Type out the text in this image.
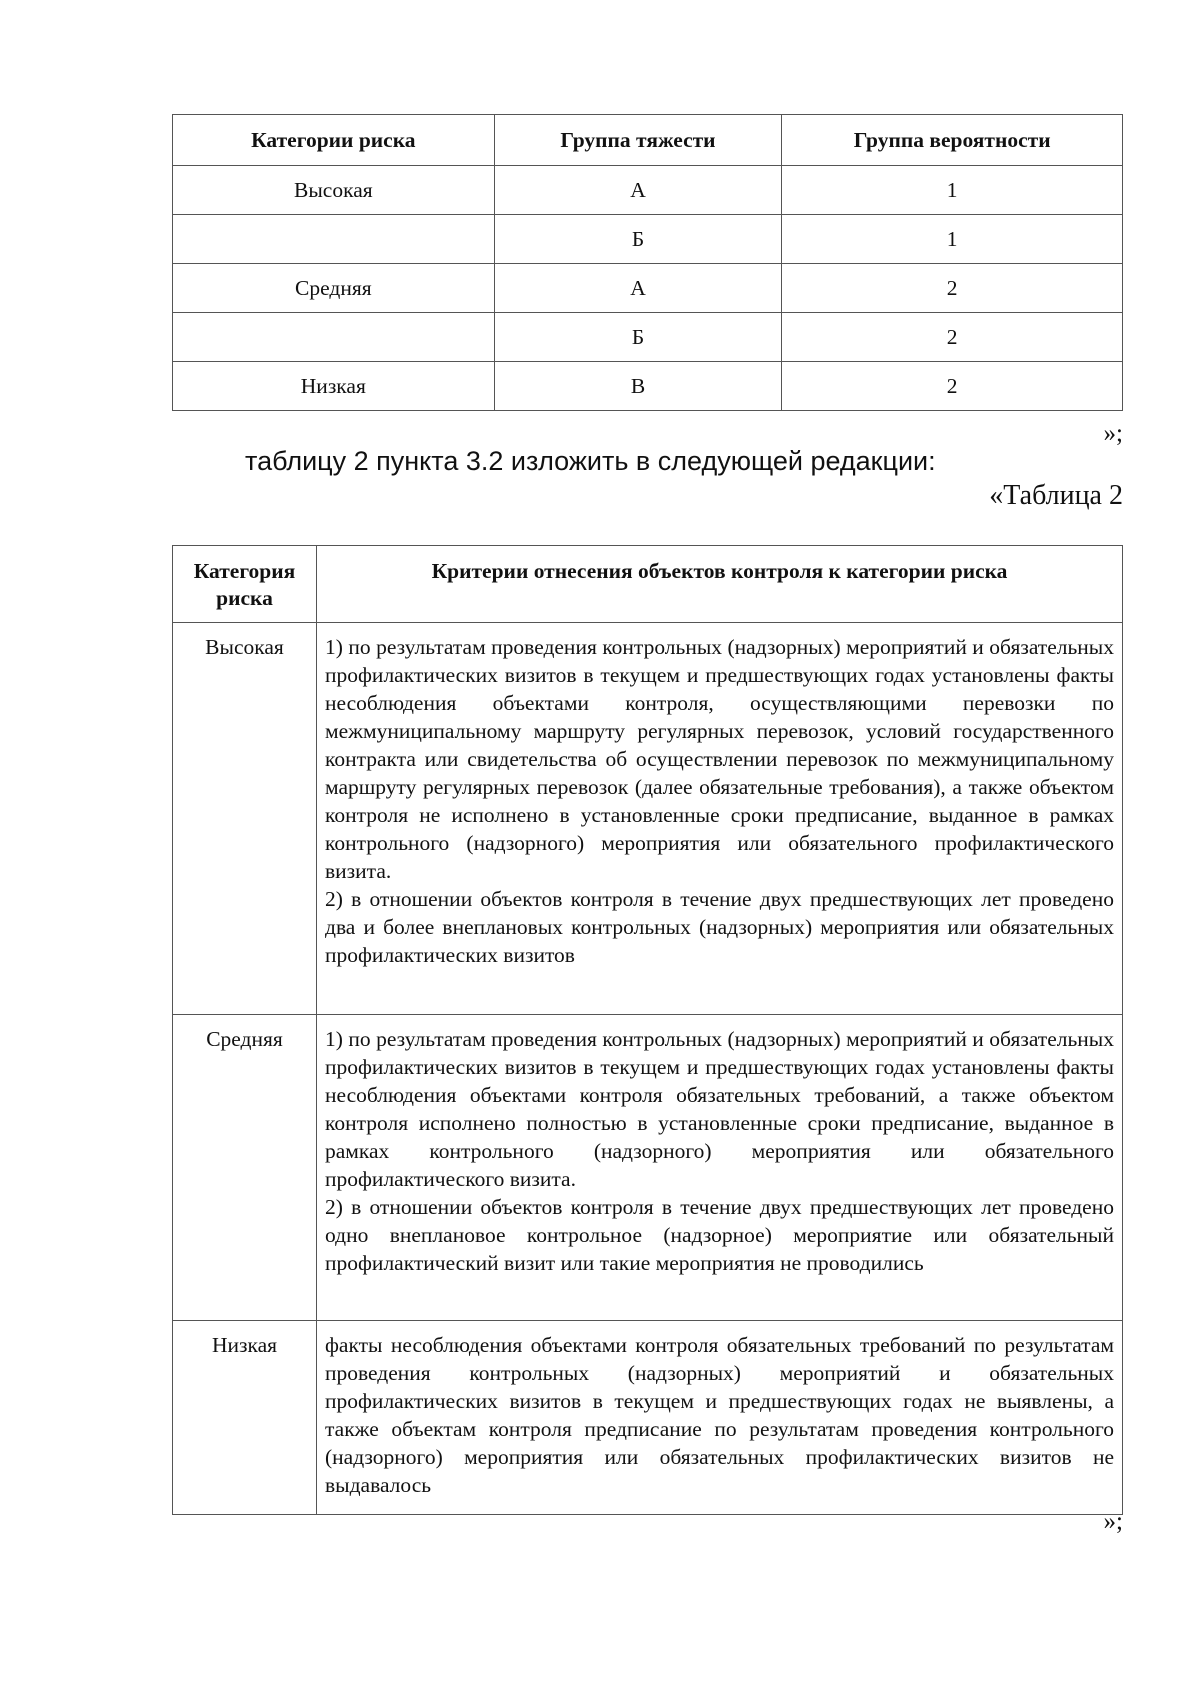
Категории риска	Группа тяжести	Группа вероятности
Высокая	А	1
	Б	1
Средняя	А	2
	Б	2
Низкая	В	2
»;
таблицу 2 пункта 3.2 изложить в следующей редакции:
«Таблица 2
Категория риска	Критерии отнесения объектов контроля к категории риска
Высокая	1) по результатам проведения контрольных (надзорных) мероприятий и обязательных профилактических визитов в текущем и предшествующих годах установлены факты несоблюдения объектами контроля, осуществляющими перевозки по межмуниципальному маршруту регулярных перевозок, условий государственного контракта или свидетельства об осуществлении перевозок по межмуниципальному маршруту регулярных перевозок (далее обязательные требования), а также объектом контроля не исполнено в установленные сроки предписание, выданное в рамках контрольного (надзорного) мероприятия или обязательного профилактического визита.
2) в отношении объектов контроля в течение двух предшествующих лет проведено два и более внеплановых контрольных (надзорных) мероприятия или обязательных профилактических визитов

Средняя	1) по результатам проведения контрольных (надзорных) мероприятий и обязательных профилактических визитов в текущем и предшествующих годах установлены факты несоблюдения объектами контроля обязательных требований, а также объектом контроля исполнено полностью в установленные сроки предписание, выданное в рамках контрольного (надзорного) мероприятия или обязательного профилактического визита.
2) в отношении объектов контроля в течение двух предшествующих лет проведено одно внеплановое контрольное (надзорное) мероприятие или обязательный профилактический визит или такие мероприятия не проводились

Низкая	факты несоблюдения объектами контроля обязательных требований по результатам проведения контрольных (надзорных) мероприятий и обязательных профилактических визитов в текущем и предшествующих годах не выявлены, а также объектам контроля предписание по результатам проведения контрольного (надзорного) мероприятия или обязательных профилактических визитов не выдавалось
»;
